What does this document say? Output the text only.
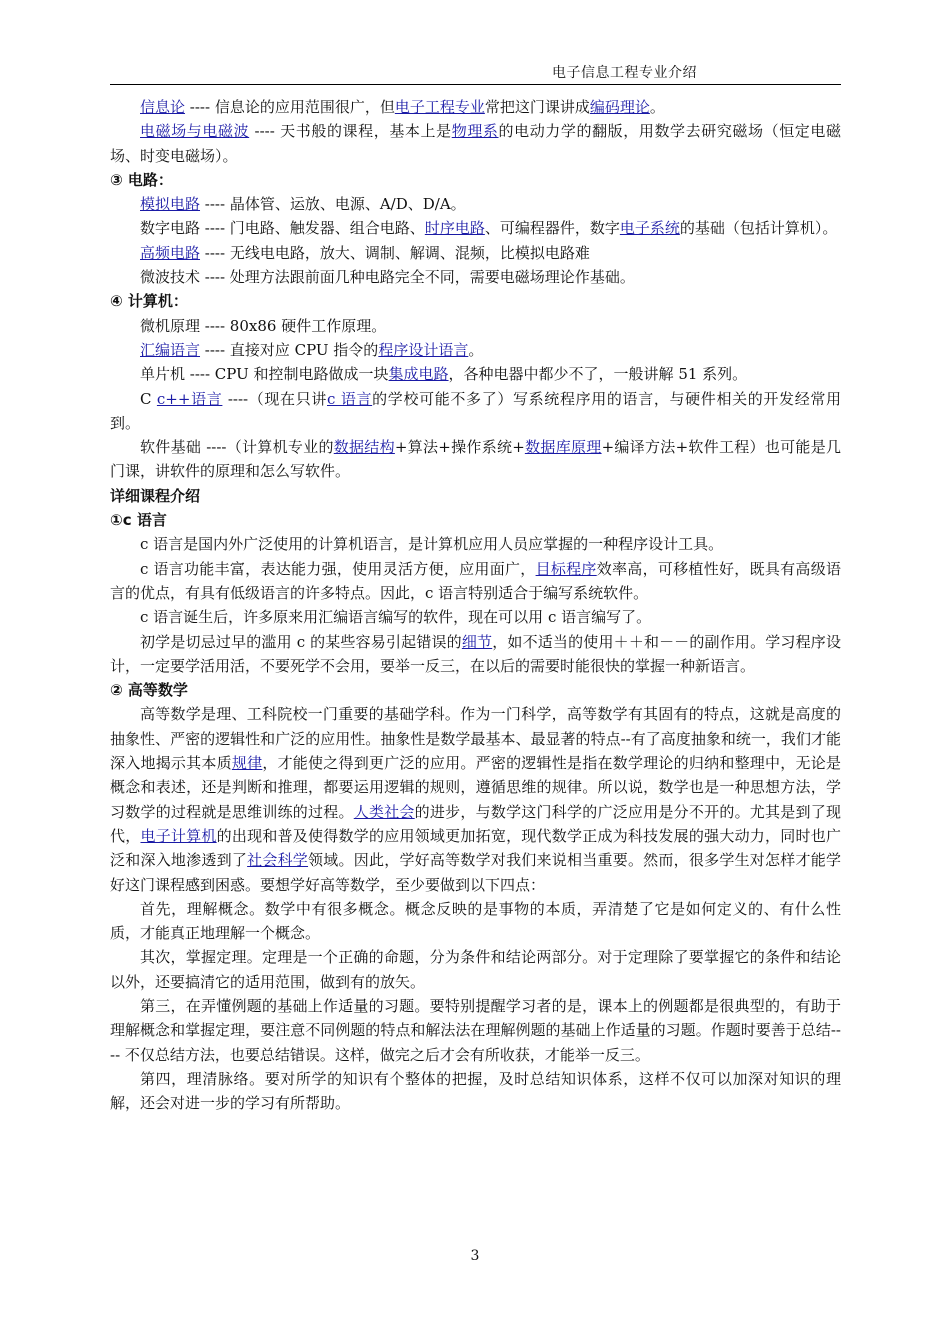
电子信息工程专业介绍

信息论 ---- 信息论的应用范围很广，但电子工程专业常把这门课讲成编码理论。

电磁场与电磁波 ---- 天书般的课程，基本上是物理系的电动力学的翻版，用数学去研究磁场（恒定电磁场、时变电磁场）。

③ 电路：

模拟电路 ---- 晶体管、运放、电源、A/D、D/A。

数字电路 ---- 门电路、触发器、组合电路、时序电路、可编程器件，数字电子系统的基础（包括计算机）。

高频电路 ---- 无线电电路，放大、调制、解调、混频，比模拟电路难

微波技术 ---- 处理方法跟前面几种电路完全不同，需要电磁场理论作基础。

④ 计算机：

微机原理 ---- 80x86 硬件工作原理。

汇编语言 ---- 直接对应 CPU 指令的程序设计语言。

单片机 ---- CPU 和控制电路做成一块集成电路，各种电器中都少不了，一般讲解 51 系列。

C c++语言 ----（现在只讲c 语言的学校可能不多了）写系统程序用的语言，与硬件相关的开发经常用到。

软件基础 ----（计算机专业的数据结构+算法+操作系统+数据库原理+编译方法+软件工程）也可能是几门课，讲软件的原理和怎么写软件。

详细课程介绍
①c 语言

c 语言是国内外广泛使用的计算机语言，是计算机应用人员应掌握的一种程序设计工具。

c 语言功能丰富，表达能力强，使用灵活方便，应用面广，目标程序效率高，可移植性好，既具有高级语言的优点，有具有低级语言的许多特点。因此，c 语言特别适合于编写系统软件。

c 语言诞生后，许多原来用汇编语言编写的软件，现在可以用 c 语言编写了。

初学是切忌过早的滥用 c 的某些容易引起错误的细节，如不适当的使用＋＋和－－的副作用。学习程序设计，一定要学活用活，不要死学不会用，要举一反三，在以后的需要时能很快的掌握一种新语言。

② 高等数学

高等数学是理、工科院校一门重要的基础学科。作为一门科学，高等数学有其固有的特点，这就是高度的抽象性、严密的逻辑性和广泛的应用性。抽象性是数学最基本、最显著的特点--有了高度抽象和统一，我们才能深入地揭示其本质规律，才能使之得到更广泛的应用。严密的逻辑性是指在数学理论的归纳和整理中，无论是概念和表述，还是判断和推理，都要运用逻辑的规则，遵循思维的规律。所以说，数学也是一种思想方法，学习数学的过程就是思维训练的过程。人类社会的进步，与数学这门科学的广泛应用是分不开的。尤其是到了现代，电子计算机的出现和普及使得数学的应用领域更加拓宽，现代数学正成为科技发展的强大动力，同时也广泛和深入地渗透到了社会科学领域。因此，学好高等数学对我们来说相当重要。然而，很多学生对怎样才能学好这门课程感到困惑。要想学好高等数学，至少要做到以下四点：

首先，理解概念。数学中有很多概念。概念反映的是事物的本质，弄清楚了它是如何定义的、有什么性质，才能真正地理解一个概念。

其次，掌握定理。定理是一个正确的命题，分为条件和结论两部分。对于定理除了要掌握它的条件和结论以外，还要搞清它的适用范围，做到有的放矢。

第三，在弄懂例题的基础上作适量的习题。要特别提醒学习者的是，课本上的例题都是很典型的，有助于理解概念和掌握定理，要注意不同例题的特点和解法法在理解例题的基础上作适量的习题。作题时要善于总结---- 不仅总结方法，也要总结错误。这样，做完之后才会有所收获，才能举一反三。

第四，理清脉络。要对所学的知识有个整体的把握，及时总结知识体系，这样不仅可以加深对知识的理解，还会对进一步的学习有所帮助。

3
